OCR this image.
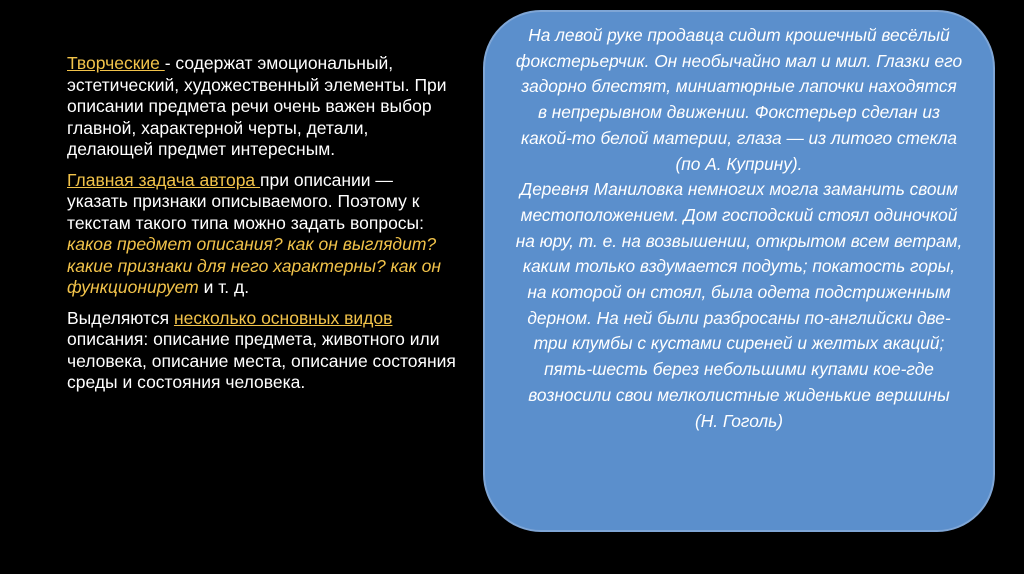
Творческие - содержат эмоциональный, эстетический, художественный элементы. При описании предмета речи очень важен выбор главной, характерной черты, детали, делающей предмет интересным.

Главная задача автора при описании — указать признаки описываемого. Поэтому к текстам такого типа можно задать вопросы: каков предмет описания? как он выглядит? какие признаки для него характерны? как он функционирует и т. д.

Выделяются несколько основных видов описания: описание предмета, животного или человека, описание места, описание состояния среды и состояния человека.

На левой руке продавца сидит крошечный весёлый фокстерьерчик. Он необычайно мал и мил. Глазки его задорно блестят, миниатюрные лапочки находятся в непрерывном движении. Фокстерьер сделан из какой-то белой материи, глаза — из литого стекла (по А. Куприну).

Деревня Маниловка немногих могла заманить своим местоположением. Дом господский стоял одиночкой на юру, т. е. на возвышении, открытом всем ветрам, каким только вздумается подуть; покатость горы, на которой он стоял, была одета подстриженным дерном. На ней были разбросаны по-английски две-три клумбы с кустами сиреней и желтых акаций; пять-шесть берез небольшими купами кое-где возносили свои мелколистные жиденькие вершины (Н. Гоголь)
